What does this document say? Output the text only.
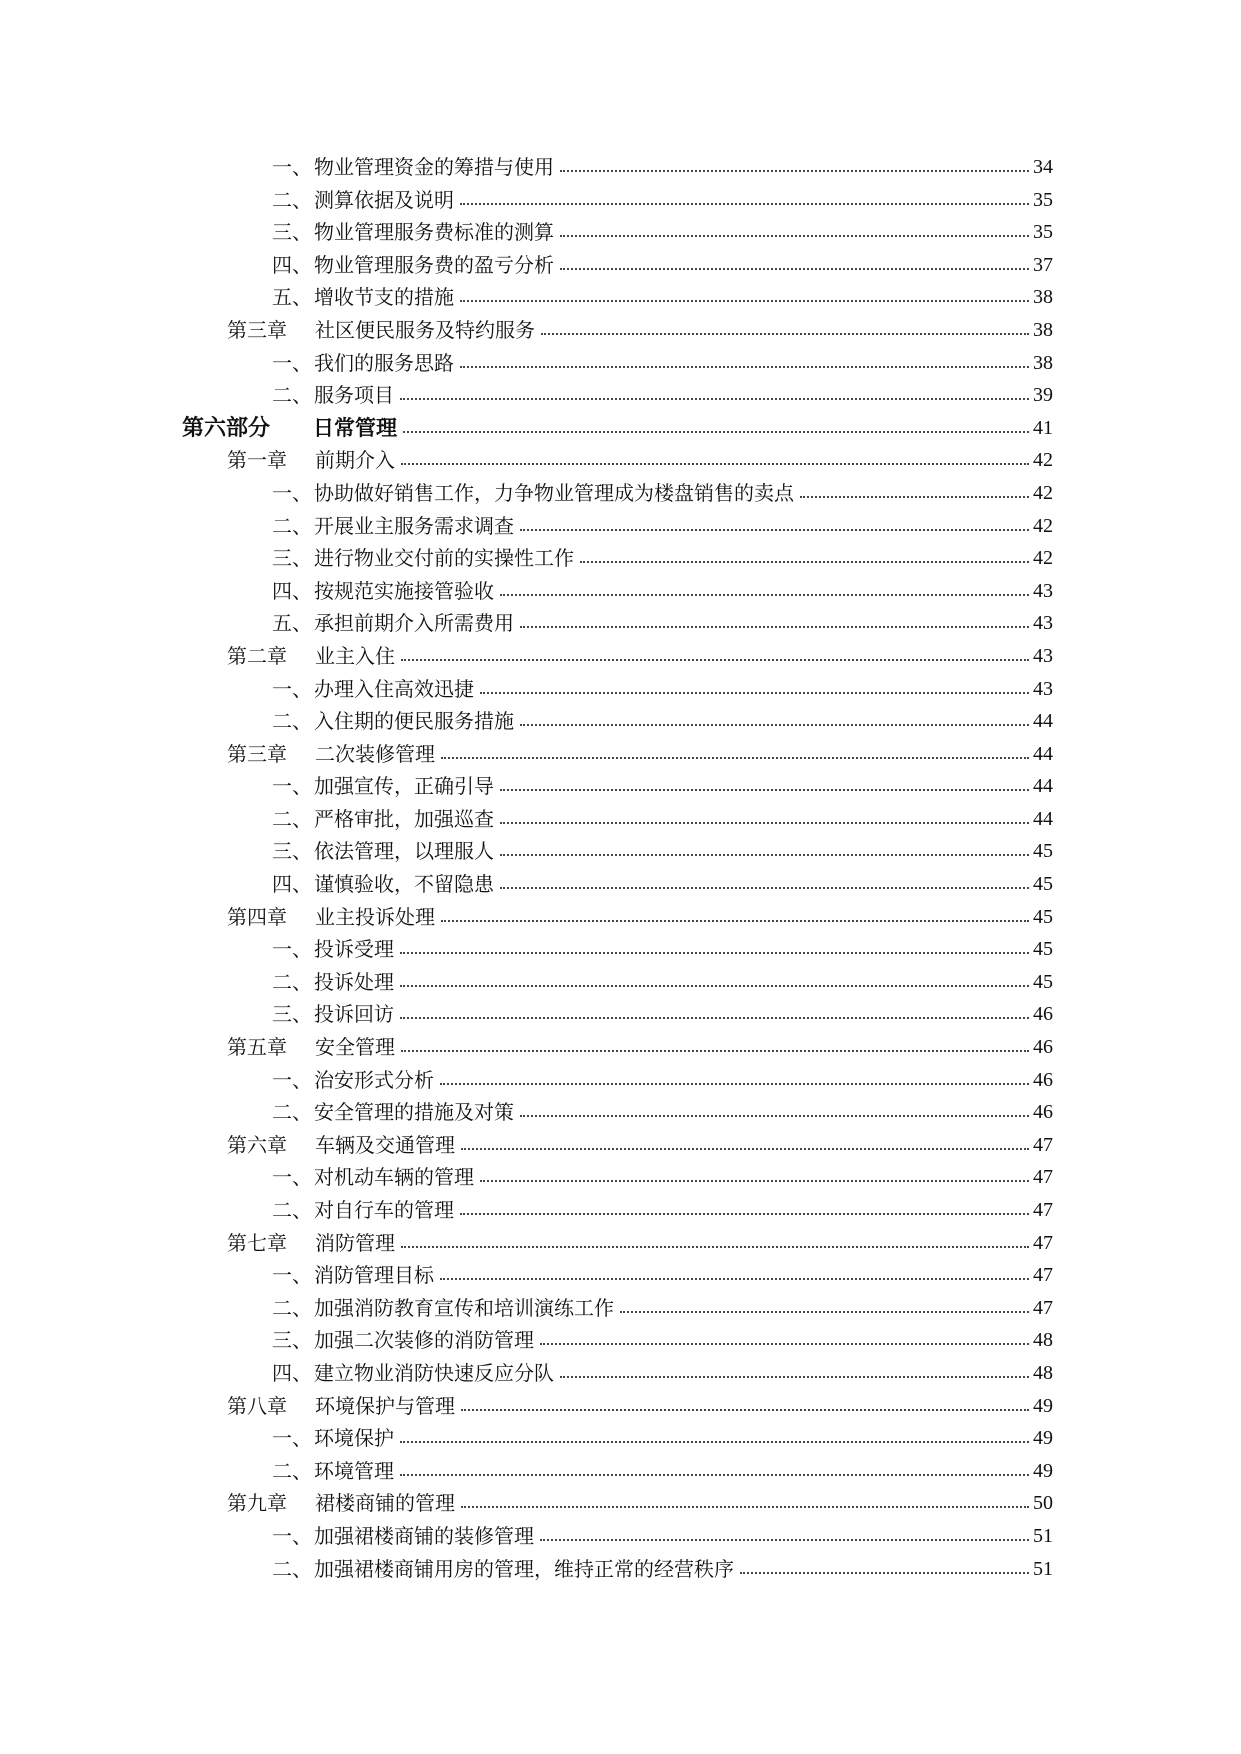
一、 物业管理资金的筹措与使用	34
二、 测算依据及说明	35
三、 物业管理服务费标准的测算	35
四、 物业管理服务费的盈亏分析	37
五、 增收节支的措施	38
第三章 社区便民服务及特约服务	38
一、 我们的服务思路	38
二、 服务项目	39
第六部分 日常管理	41
第一章 前期介入	42
一、 协助做好销售工作，力争物业管理成为楼盘销售的卖点	42
二、 开展业主服务需求调查	42
三、 进行物业交付前的实操性工作	42
四、 按规范实施接管验收	43
五、 承担前期介入所需费用	43
第二章 业主入住	43
一、 办理入住高效迅捷	43
二、 入住期的便民服务措施	44
第三章 二次装修管理	44
一、 加强宣传，正确引导	44
二、 严格审批，加强巡查	44
三、 依法管理，以理服人	45
四、 谨慎验收，不留隐患	45
第四章 业主投诉处理	45
一、 投诉受理	45
二、 投诉处理	45
三、 投诉回访	46
第五章 安全管理	46
一、 治安形式分析	46
二、 安全管理的措施及对策	46
第六章 车辆及交通管理	47
一、 对机动车辆的管理	47
二、 对自行车的管理	47
第七章 消防管理	47
一、 消防管理目标	47
二、 加强消防教育宣传和培训演练工作	47
三、 加强二次装修的消防管理	48
四、 建立物业消防快速反应分队	48
第八章 环境保护与管理	49
一、 环境保护	49
二、 环境管理	49
第九章 裙楼商铺的管理	50
一、 加强裙楼商铺的装修管理	51
二、 加强裙楼商铺用房的管理，维持正常的经营秩序	51
